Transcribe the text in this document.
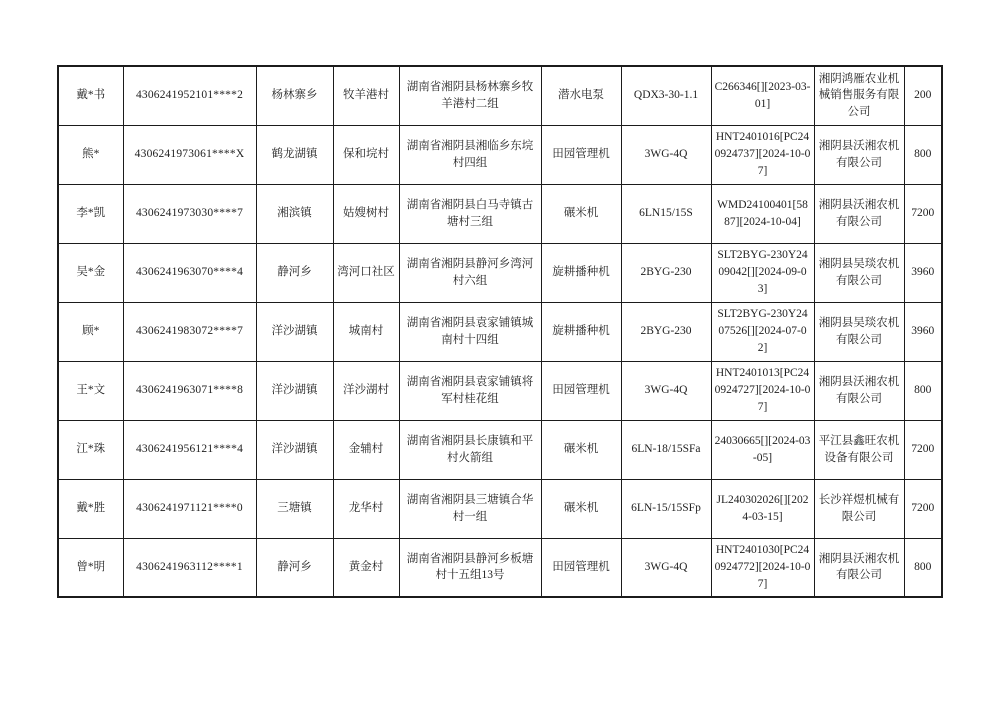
戴*书	4306241952101****2	杨林寨乡	牧羊港村	湖南省湘阴县杨林寨乡牧羊港村二组	潜水电泵	QDX3-30-1.1	C266346[][2023-03-01]	湘阴鸿雁农业机械销售服务有限公司	200
熊*	4306241973061****X	鹤龙湖镇	保和垸村	湖南省湘阴县湘临乡东垸村四组	田园管理机	3WG-4Q	HNT2401016[PC240924737][2024-10-07]	湘阴县沃湘农机有限公司	800
李*凯	4306241973030****7	湘滨镇	姑嫂树村	湖南省湘阴县白马寺镇古塘村三组	碾米机	6LN15/15S	WMD24100401[5887][2024-10-04]	湘阴县沃湘农机有限公司	7200
吴*金	4306241963070****4	静河乡	湾河口社区	湖南省湘阴县静河乡湾河村六组	旋耕播种机	2BYG-230	SLT2BYG-230Y2409042[][2024-09-03]	湘阴县吴琰农机有限公司	3960
顾*	4306241983072****7	洋沙湖镇	城南村	湖南省湘阴县袁家铺镇城南村十四组	旋耕播种机	2BYG-230	SLT2BYG-230Y2407526[][2024-07-02]	湘阴县吴琰农机有限公司	3960
王*文	4306241963071****8	洋沙湖镇	洋沙湖村	湖南省湘阴县袁家铺镇将军村桂花组	田园管理机	3WG-4Q	HNT2401013[PC240924727][2024-10-07]	湘阴县沃湘农机有限公司	800
江*珠	4306241956121****4	洋沙湖镇	金辅村	湖南省湘阴县长康镇和平村火箭组	碾米机	6LN-18/15SFa	24030665[][2024-03-05]	平江县鑫旺农机设备有限公司	7200
戴*胜	4306241971121****0	三塘镇	龙华村	湖南省湘阴县三塘镇合华村一组	碾米机	6LN-15/15SFp	JL240302026[][2024-03-15]	长沙祥煜机械有限公司	7200
曾*明	4306241963112****1	静河乡	黄金村	湖南省湘阴县静河乡板塘村十五组13号	田园管理机	3WG-4Q	HNT2401030[PC240924772][2024-10-07]	湘阴县沃湘农机有限公司	800
